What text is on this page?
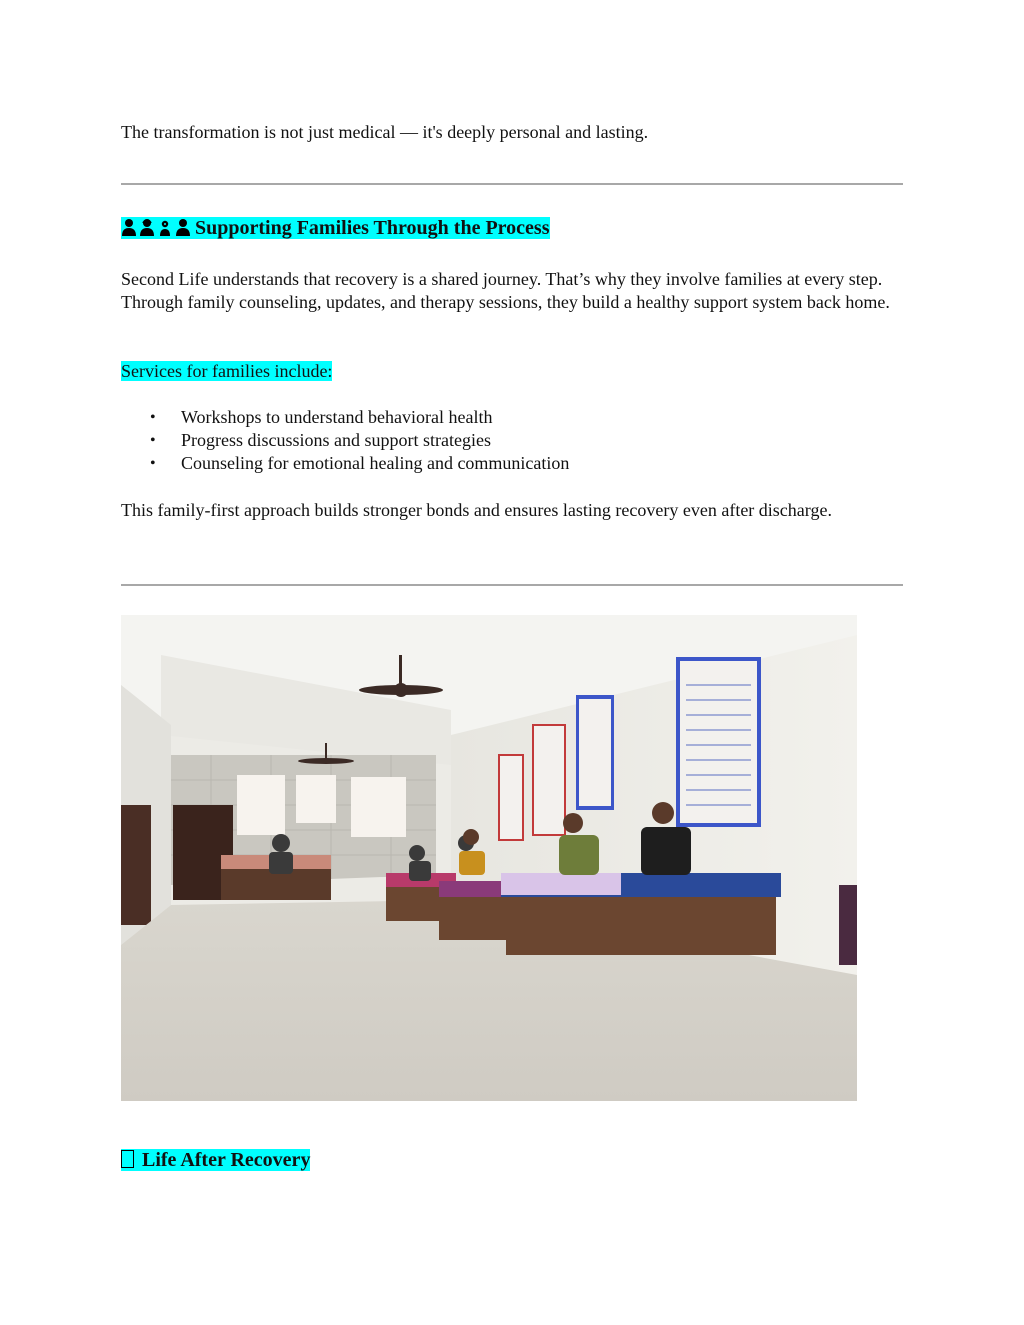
The transformation is not just medical — it's deeply personal and lasting.

Supporting Families Through the Process

Second Life understands that recovery is a shared journey. That’s why they involve families at every step. Through family counseling, updates, and therapy sessions, they build a healthy support system back home.

Services for families include:

• Workshops to understand behavioral health
• Progress discussions and support strategies
• Counseling for emotional healing and communication

This family-first approach builds stronger bonds and ensures lasting recovery even after discharge.

Life After Recovery
